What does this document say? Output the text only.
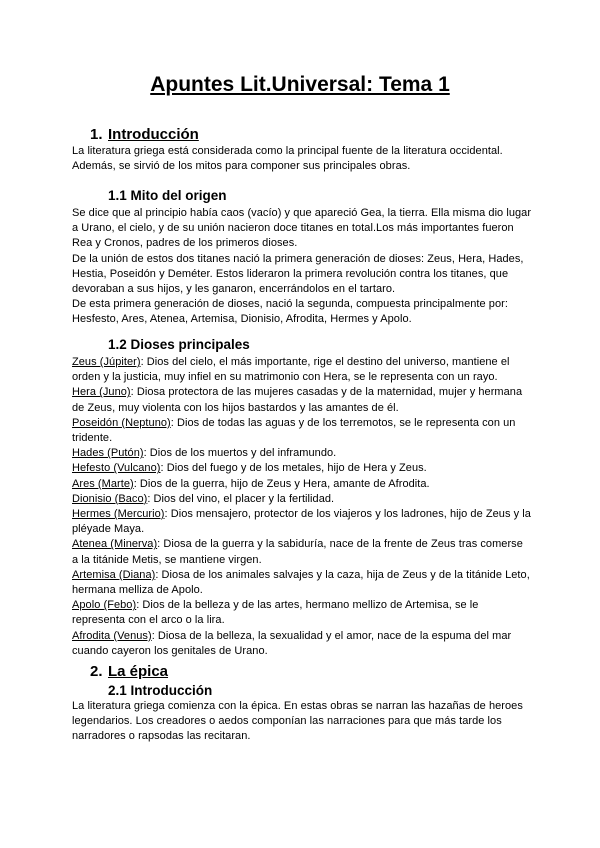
Apuntes Lit.Universal: Tema 1
1. Introducción

La literatura griega está considerada como la principal fuente de la literatura occidental. Además, se sirvió de los mitos para componer sus principales obras.

1.1 Mito del origen

Se dice que al principio había caos (vacío) y que apareció Gea, la tierra. Ella misma dio lugar a Urano, el cielo, y de su unión nacieron doce titanes en total.Los más importantes fueron Rea y Cronos, padres de los primeros dioses.

De la unión de estos dos titanes nació la primera generación de dioses: Zeus, Hera, Hades, Hestia, Poseidón y Deméter. Estos lideraron la primera revolución contra los titanes, que devoraban a sus hijos, y les ganaron, encerrándolos en el tartaro.

De esta primera generación de dioses, nació la segunda, compuesta principalmente por: Hesfesto, Ares, Atenea, Artemisa, Dionisio, Afrodita, Hermes y Apolo.

1.2 Dioses principales

Zeus (Júpiter): Dios del cielo, el más importante, rige el destino del universo, mantiene el orden y la justicia, muy infiel en su matrimonio con Hera, se le representa con un rayo.

Hera (Juno): Diosa protectora de las mujeres casadas y de la maternidad, mujer y hermana de Zeus, muy violenta con los hijos bastardos y las amantes de él.

Poseidón (Neptuno): Dios de todas las aguas y de los terremotos, se le representa con un tridente.

Hades (Putón): Dios de los muertos y del inframundo.

Hefesto (Vulcano): Dios del fuego y de los metales, hijo de Hera y Zeus.

Ares (Marte): Dios de la guerra, hijo de Zeus y Hera, amante de Afrodita.

Dionisio (Baco): Dios del vino, el placer y la fertilidad.

Hermes (Mercurio): Dios mensajero, protector de los viajeros y los ladrones, hijo de Zeus y la pléyade Maya.

Atenea (Minerva): Diosa de la guerra y la sabiduría, nace de la frente de Zeus tras comerse a la titánide Metis, se mantiene virgen.

Artemisa (Diana): Diosa de los animales salvajes y la caza, hija de Zeus y de la titánide Leto, hermana melliza de Apolo.

Apolo (Febo): Dios de la belleza y de las artes, hermano mellizo de Artemisa, se le representa con el arco o la lira.

Afrodita (Venus): Diosa de la belleza, la sexualidad y el amor, nace de la espuma del mar cuando cayeron los genitales de Urano.

2. La épica
2.1 Introducción

La literatura griega comienza con la épica. En estas obras se narran las hazañas de heroes legendarios. Los creadores o aedos componían las narraciones para que más tarde los narradores o rapsodas las recitaran.
